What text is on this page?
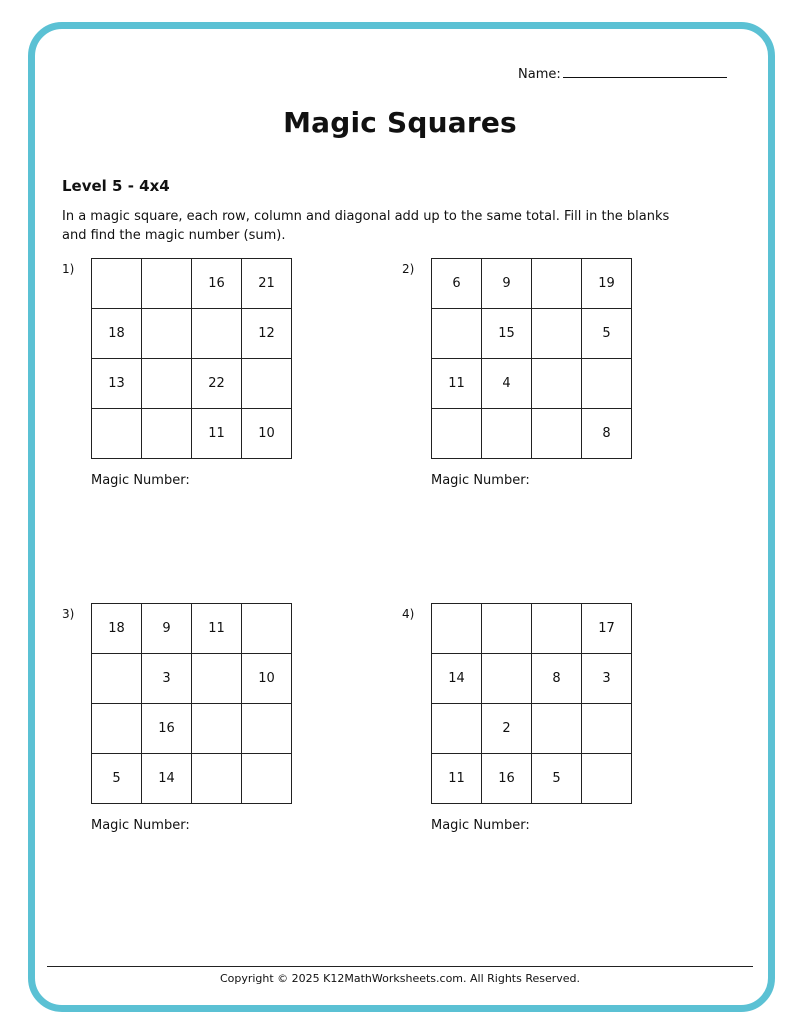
Name:
Magic Squares
Level 5 - 4x4
In a magic square, each row, column and diagonal add up to the same total. Fill in the blanks and find the magic number (sum).
1)
		16	21
18			12
13		22	
		11	10
Magic Number:
2)
6	9		19
	15		5
11	4		
			8
Magic Number:
3)
18	9	11	
	3		10
	16		
5	14		
Magic Number:
4)
			17
14		8	3
	2		
11	16	5	
Magic Number:
Copyright © 2025 K12MathWorksheets.com. All Rights Reserved.
